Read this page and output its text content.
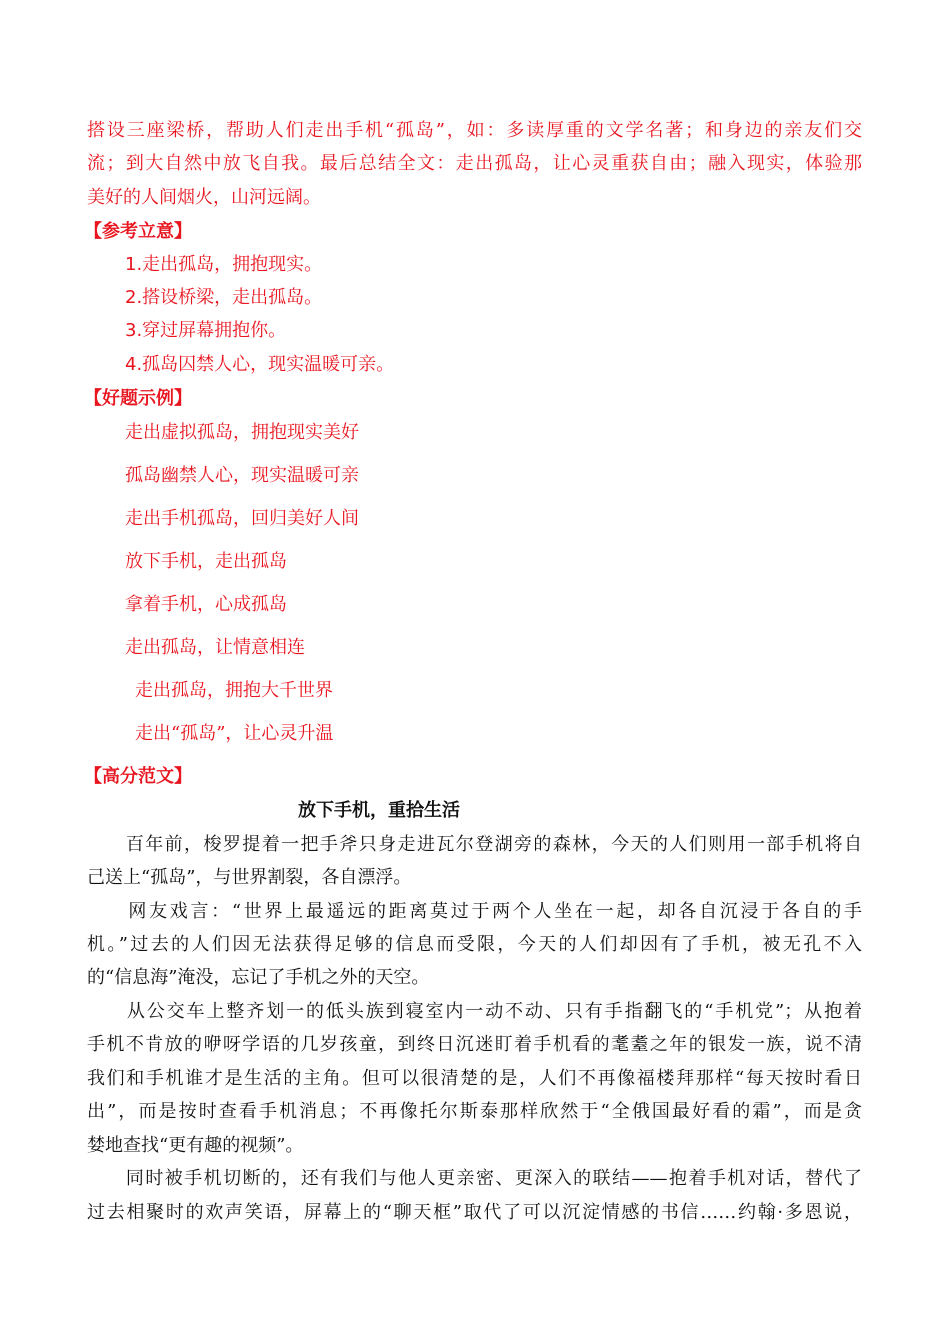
搭设三座梁桥，帮助人们走出手机“孤岛”，如：多读厚重的文学名著；和身边的亲友们交
流；到大自然中放飞自我。最后总结全文：走出孤岛，让心灵重获自由；融入现实，体验那
美好的人间烟火，山河远阔。
【参考立意】
1.走出孤岛，拥抱现实。
2.搭设桥梁，走出孤岛。
3.穿过屏幕拥抱你。
4.孤岛囚禁人心，现实温暖可亲。
【好题示例】
走出虚拟孤岛，拥抱现实美好
孤岛幽禁人心，现实温暖可亲
走出手机孤岛，回归美好人间
放下手机，走出孤岛
拿着手机，心成孤岛
走出孤岛，让情意相连
走出孤岛，拥抱大千世界
走出“孤岛”，让心灵升温
【高分范文】
放下手机，重拾生活
　　百年前，梭罗提着一把手斧只身走进瓦尔登湖旁的森林，今天的人们则用一部手机将自
己送上“孤岛”，与世界割裂，各自漂浮。
　　网友戏言：“世界上最遥远的距离莫过于两个人坐在一起，却各自沉浸于各自的手
机。”过去的人们因无法获得足够的信息而受限，今天的人们却因有了手机，被无孔不入
的“信息海”淹没，忘记了手机之外的天空。
　　从公交车上整齐划一的低头族到寝室内一动不动、只有手指翻飞的“手机党”；从抱着
手机不肯放的咿呀学语的几岁孩童，到终日沉迷盯着手机看的耄耋之年的银发一族，说不清
我们和手机谁才是生活的主角。但可以很清楚的是，人们不再像福楼拜那样“每天按时看日
出”，而是按时查看手机消息；不再像托尔斯泰那样欣然于“全俄国最好看的霜”，而是贪
婪地查找“更有趣的视频”。
　　同时被手机切断的，还有我们与他人更亲密、更深入的联结——抱着手机对话，替代了
过去相聚时的欢声笑语，屏幕上的“聊天框”取代了可以沉淀情感的书信……约翰·多恩说，
